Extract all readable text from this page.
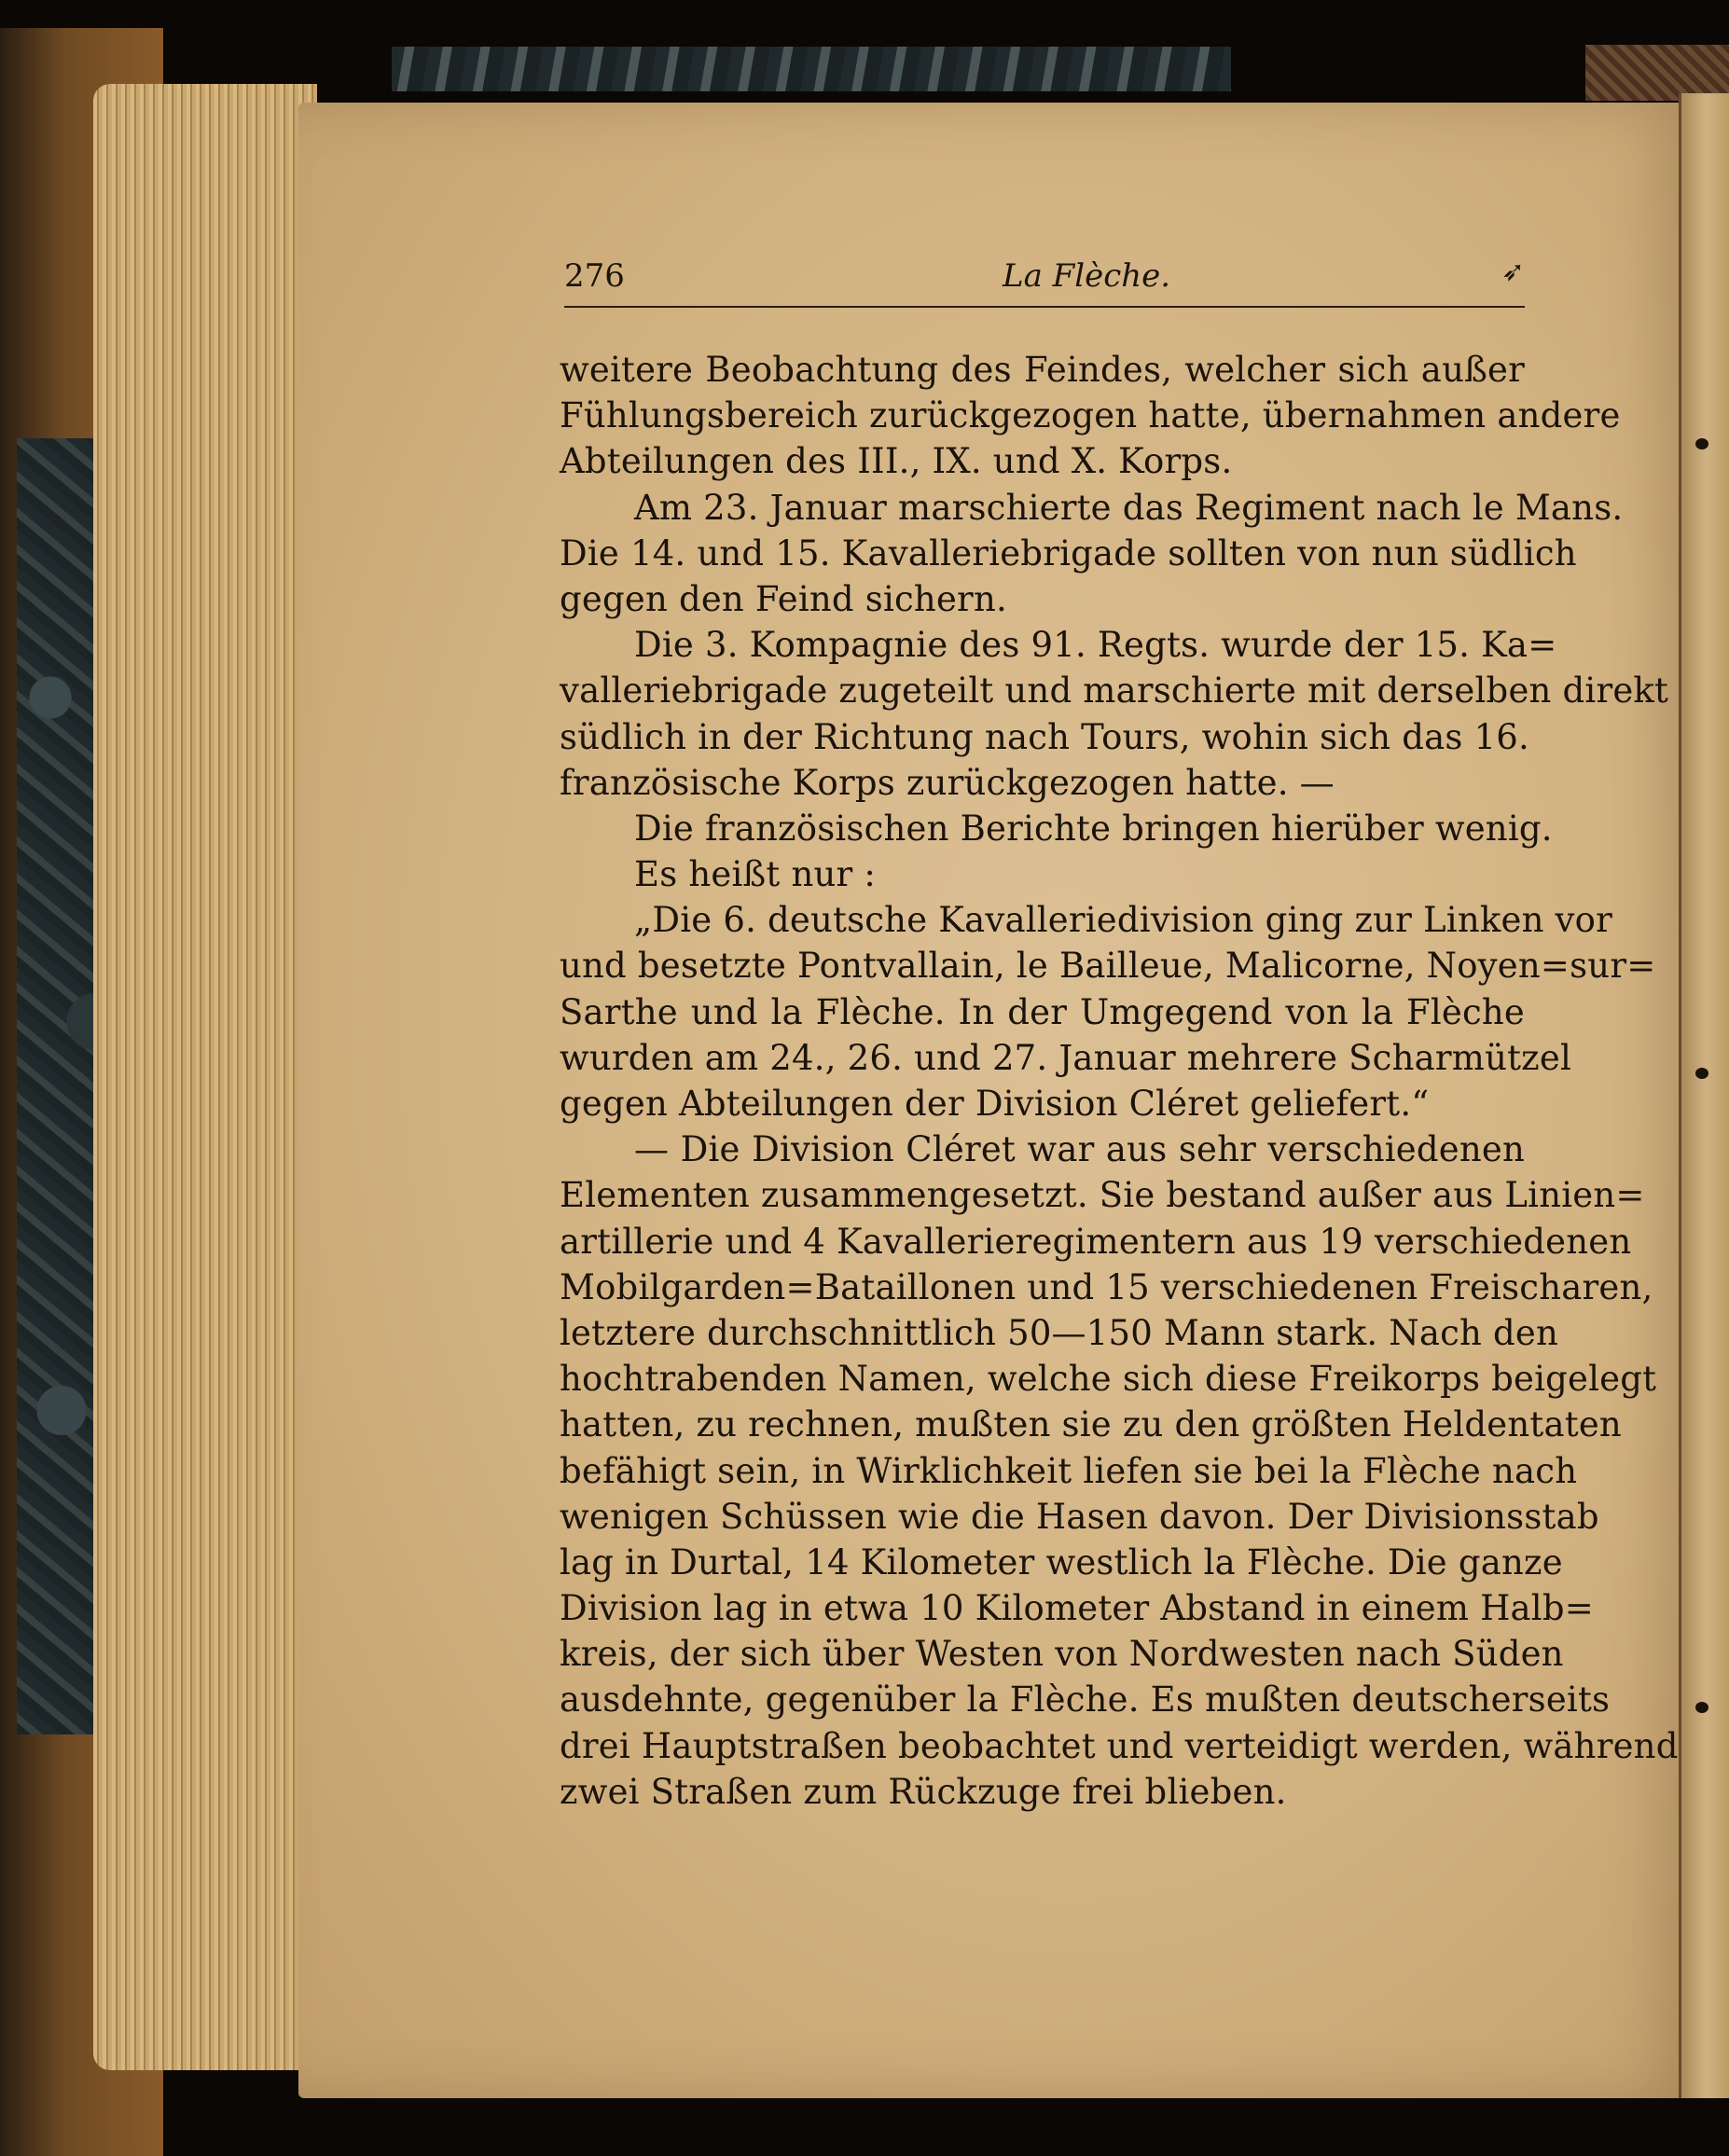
276	La Flèche.	➶
weitere Beobachtung des Feindes, welcher sich außer
Fühlungsbereich zurückgezogen hatte, übernahmen andere
Abteilungen des III., IX. und X. Korps.
Am 23. Januar marschierte das Regiment nach le Mans.
Die 14. und 15. Kavalleriebrigade sollten von nun südlich
gegen den Feind sichern.
Die 3. Kompagnie des 91. Regts. wurde der 15. Ka=
valleriebrigade zugeteilt und marschierte mit derselben direkt
südlich in der Richtung nach Tours, wohin sich das 16.
französische Korps zurückgezogen hatte. —
Die französischen Berichte bringen hierüber wenig.
Es heißt nur :
„Die 6. deutsche Kavalleriedivision ging zur Linken vor
und besetzte Pontvallain, le Bailleue, Malicorne, Noyen=sur=
Sarthe und la Flèche. In der Umgegend von la Flèche
wurden am 24., 26. und 27. Januar mehrere Scharmützel
gegen Abteilungen der Division Cléret geliefert.“
— Die Division Cléret war aus sehr verschiedenen
Elementen zusammengesetzt. Sie bestand außer aus Linien=
artillerie und 4 Kavallerieregimentern aus 19 verschiedenen
Mobilgarden=Bataillonen und 15 verschiedenen Freischaren,
letztere durchschnittlich 50—150 Mann stark. Nach den
hochtrabenden Namen, welche sich diese Freikorps beigelegt
hatten, zu rechnen, mußten sie zu den größten Heldentaten
befähigt sein, in Wirklichkeit liefen sie bei la Flèche nach
wenigen Schüssen wie die Hasen davon. Der Divisionsstab
lag in Durtal, 14 Kilometer westlich la Flèche. Die ganze
Division lag in etwa 10 Kilometer Abstand in einem Halb=
kreis, der sich über Westen von Nordwesten nach Süden
ausdehnte, gegenüber la Flèche. Es mußten deutscherseits
drei Hauptstraßen beobachtet und verteidigt werden, während
zwei Straßen zum Rückzuge frei blieben.
